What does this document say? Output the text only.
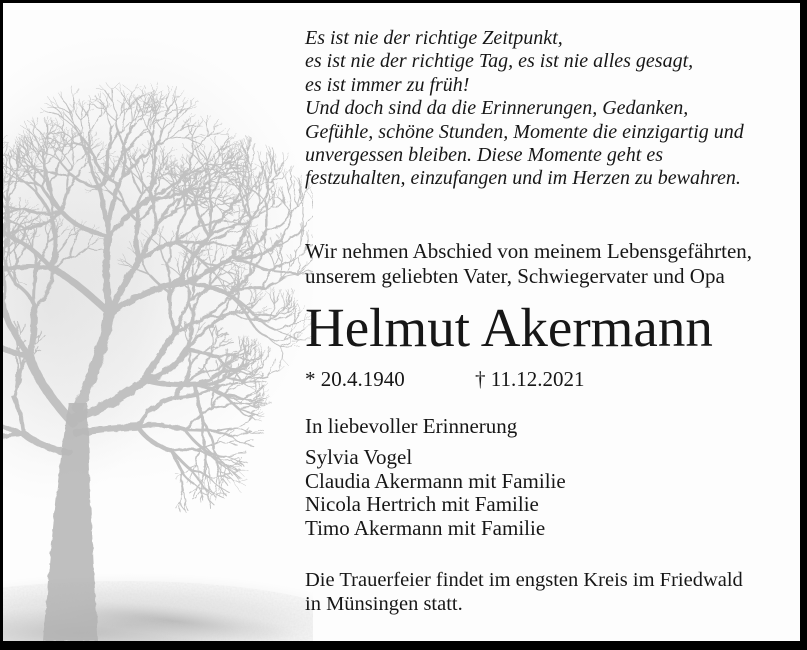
Es ist nie der richtige Zeitpunkt,
es ist nie der richtige Tag, es ist nie alles gesagt,
es ist immer zu früh!
Und doch sind da die Erinnerungen, Gedanken,
Gefühle, schöne Stunden, Momente die einzigartig und
unvergessen bleiben. Diese Momente geht es
festzuhalten, einzufangen und im Herzen zu bewahren.
Wir nehmen Abschied von meinem Lebensgefährten,
unserem geliebten Vater, Schwiegervater und Opa
Helmut Akermann
* 20.4.1940	† 11.12.2021
In liebevoller Erinnerung
Sylvia Vogel
Claudia Akermann mit Familie
Nicola Hertrich mit Familie
Timo Akermann mit Familie
Die Trauerfeier findet im engsten Kreis im Friedwald
in Münsingen statt.
